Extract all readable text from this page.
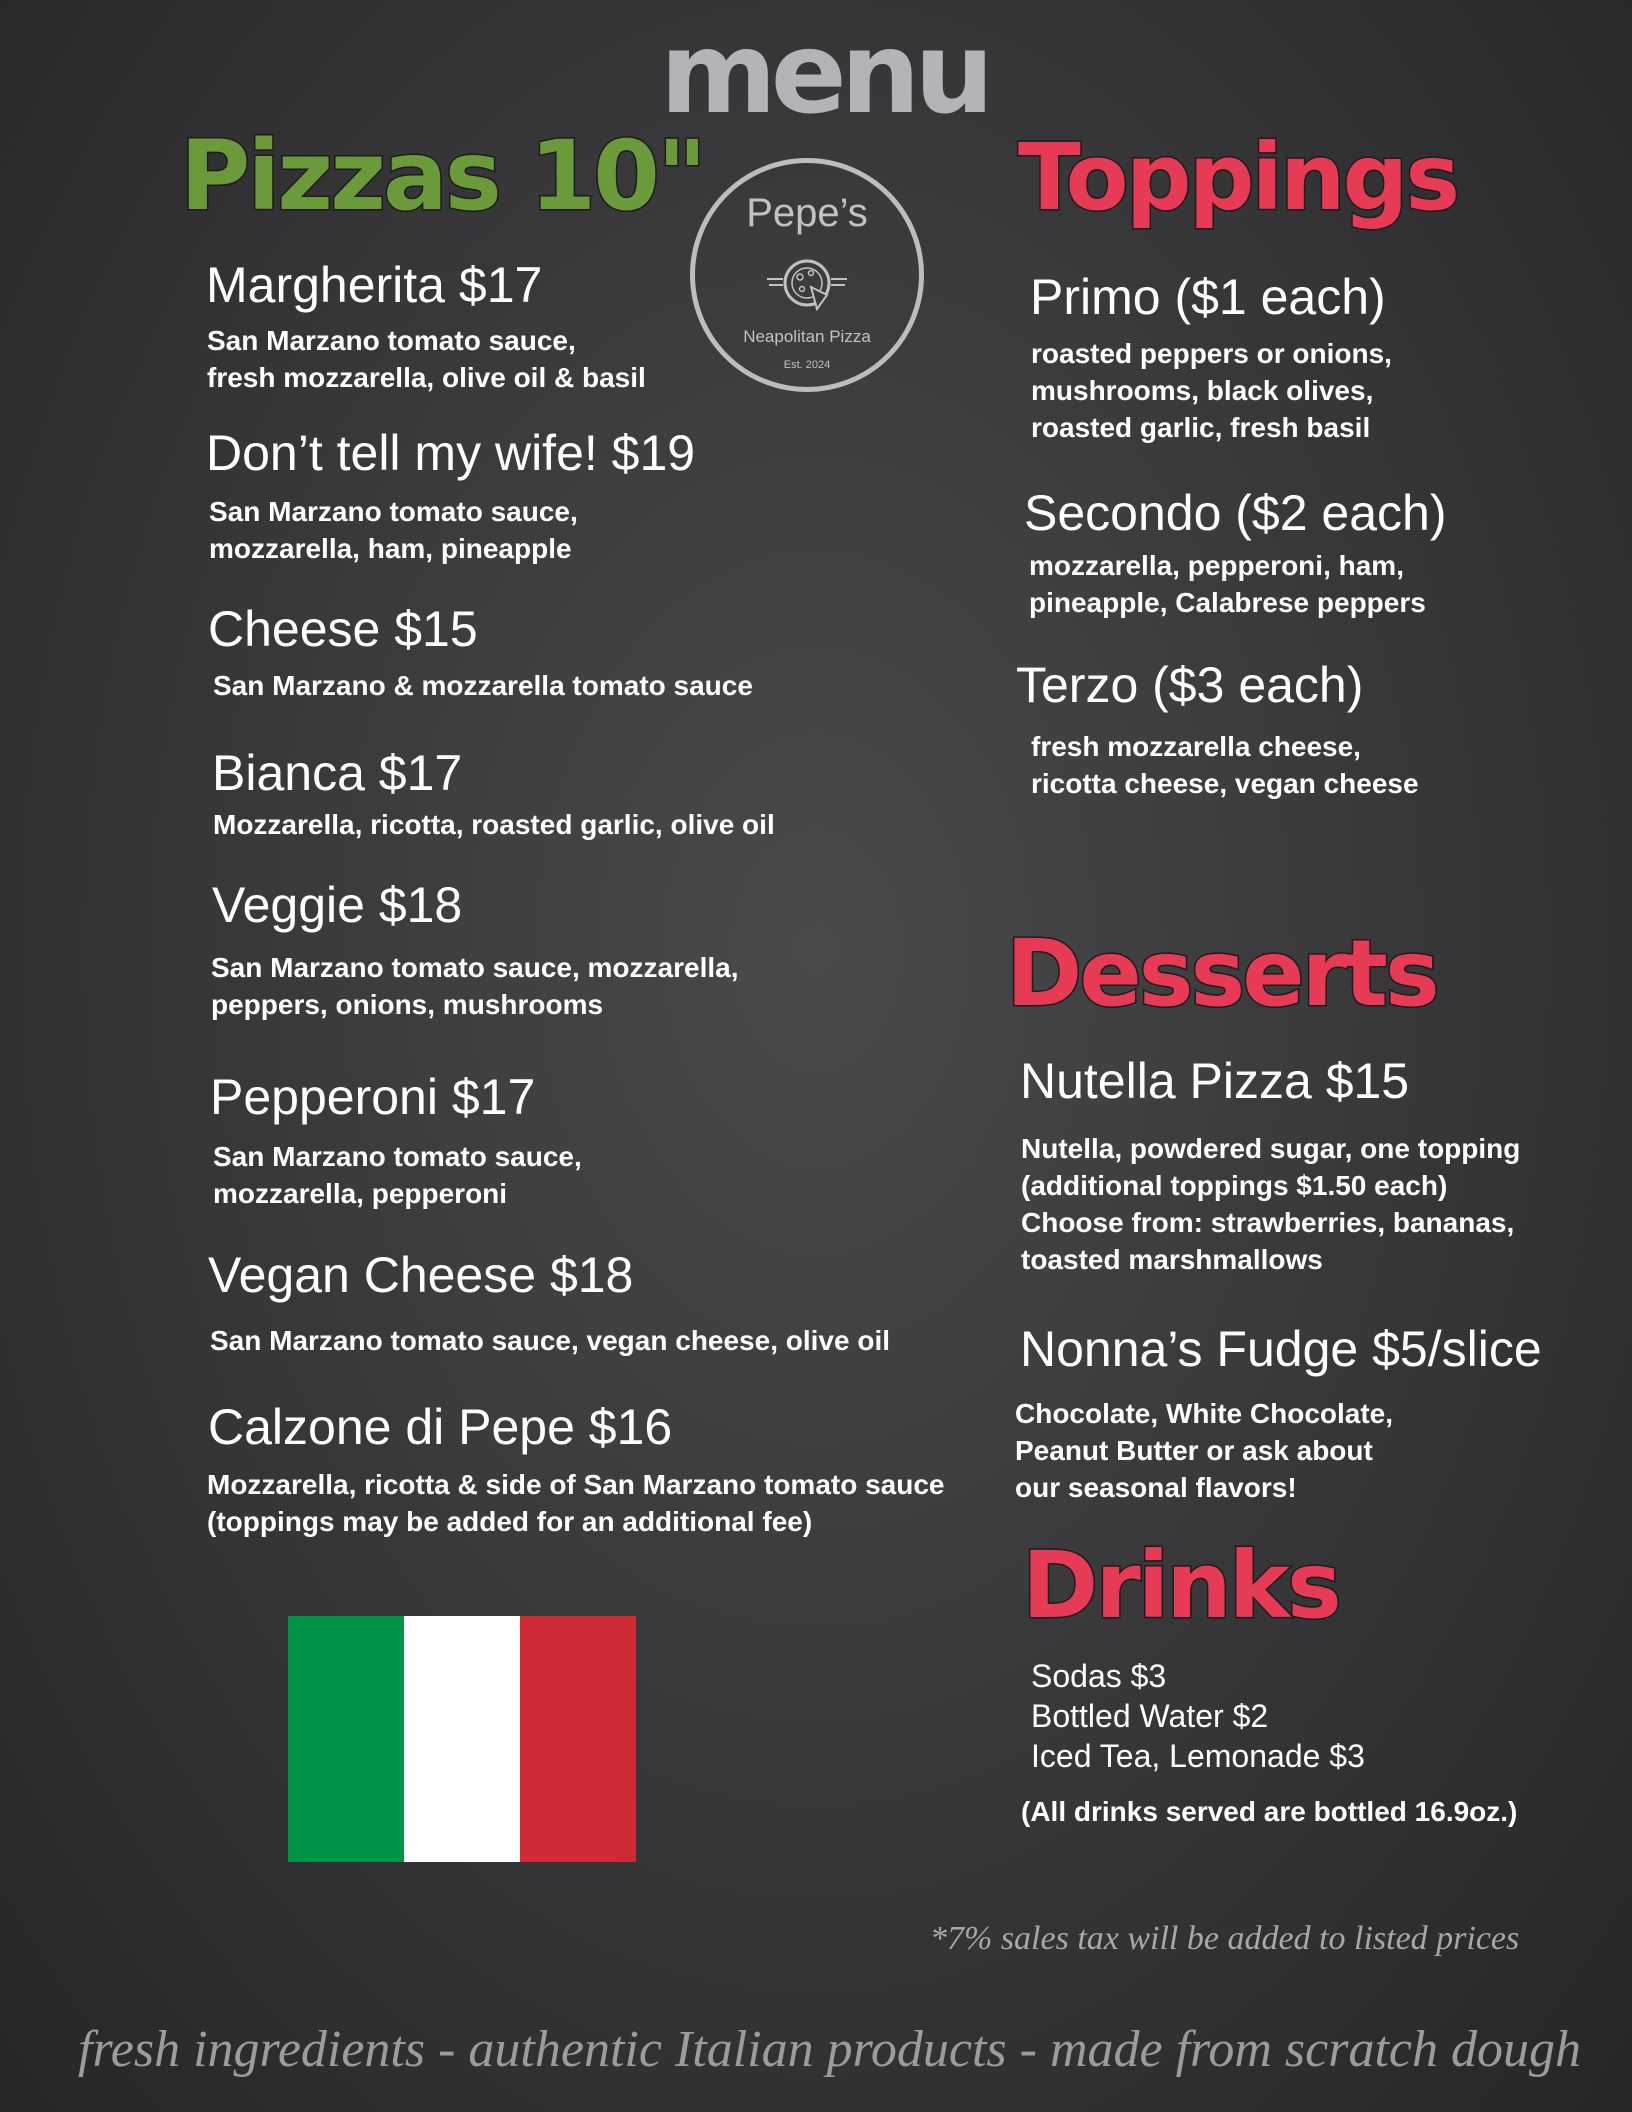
menu
Pepe’s
Neapolitan Pizza
Est. 2024
Pizzas 10"
Margherita $17
San Marzano tomato sauce,
fresh mozzarella, olive oil & basil
Don’t tell my wife! $19
San Marzano tomato sauce,
mozzarella, ham, pineapple
Cheese $15
San Marzano & mozzarella tomato sauce
Bianca $17
Mozzarella, ricotta, roasted garlic, olive oil
Veggie $18
San Marzano tomato sauce, mozzarella,
peppers, onions, mushrooms
Pepperoni $17
San Marzano tomato sauce,
mozzarella, pepperoni
Vegan Cheese $18
San Marzano tomato sauce, vegan cheese, olive oil
Calzone di Pepe $16
Mozzarella, ricotta & side of San Marzano tomato sauce
(toppings may be added for an additional fee)
Toppings
Primo ($1 each)
roasted peppers or onions,
mushrooms, black olives,
roasted garlic, fresh basil
Secondo ($2 each)
mozzarella, pepperoni, ham,
pineapple, Calabrese peppers
Terzo ($3 each)
fresh mozzarella cheese,
ricotta cheese, vegan cheese
Desserts
Nutella Pizza $15
Nutella, powdered sugar, one topping
(additional toppings $1.50 each)
Choose from: strawberries, bananas,
toasted marshmallows
Nonna’s Fudge $5/slice
Chocolate, White Chocolate,
Peanut Butter or ask about
our seasonal flavors!
Drinks
Sodas $3
Bottled Water $2
Iced Tea, Lemonade $3
(All drinks served are bottled 16.9oz.)
*7% sales tax will be added to listed prices
fresh ingredients - authentic Italian products - made from scratch dough
